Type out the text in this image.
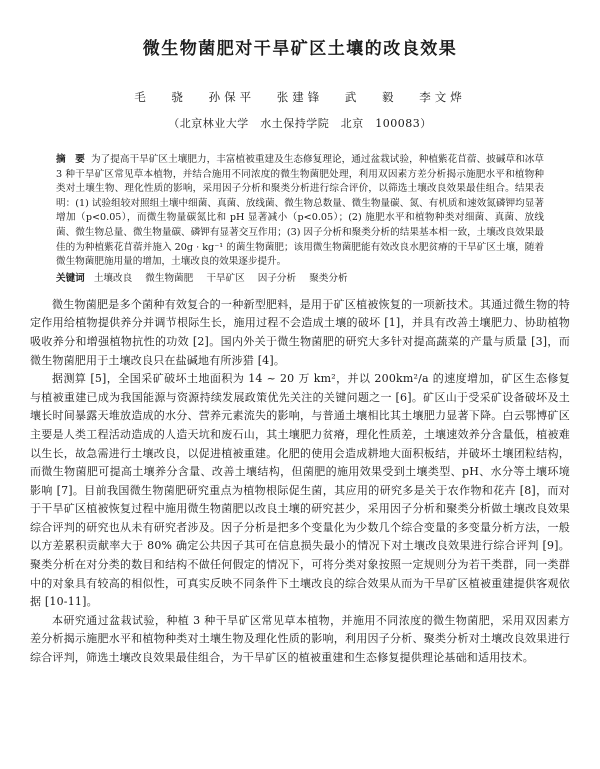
微生物菌肥对干旱矿区土壤的改良效果
毛 骁 孙保平 张建锋 武 毅 李文烨
（北京林业大学　水土保持学院　北京　100083）
摘　要 为了提高干旱矿区土壤肥力，丰富植被重建及生态修复理论，通过盆栽试验，种植紫花苜蓿、披碱草和冰草 3 种干旱矿区常见草本植物，并结合施用不同浓度的微生物菌肥处理，利用双因素方差分析揭示施肥水平和植物种类对土壤生物、理化性质的影响，采用因子分析和聚类分析进行综合评价，以筛选土壤改良效果最佳组合。结果表明：(1) 试验组较对照组土壤中细菌、真菌、放线菌、微生物总数量、微生物量碳、氮、有机质和速效氮磷钾均显著增加（p<0.05），而微生物量碳氮比和 pH 显著减小（p<0.05）；(2) 施肥水平和植物种类对细菌、真菌、放线菌、微生物总量、微生物量碳、磷钾有显著交互作用；(3) 因子分析和聚类分析的结果基本相一致，土壤改良效果最佳的为种植紫花苜蓿并施入 20g · kg⁻¹ 的菌生物菌肥；该用微生物菌肥能有效改良水肥贫瘠的干旱矿区土壤，随着微生物菌肥施用量的增加，土壤改良的效果逐步提升。
关键词 土壤改良 微生物菌肥 干旱矿区 因子分析 聚类分析

微生物菌肥是多个菌种有效复合的一种新型肥料，是用于矿区植被恢复的一项新技术。其通过微生物的特定作用给植物提供养分并调节根际生长，施用过程不会造成土壤的破坏 [1]，并具有改善土壤肥力、协助植物吸收养分和增强植物抗性的功效 [2]。国内外关于微生物菌肥的研究大多针对提高蔬菜的产量与质量 [3]，而微生物菌肥用于土壤改良只在盐碱地有所涉猎 [4]。

据测算 [5]，全国采矿破坏土地面积为 14 ~ 20 万 km²，并以 200km²/a 的速度增加，矿区生态修复与植被重建已成为我国能源与资源持续发展政策优先关注的关键问题之一 [6]。矿区山于受采矿设备破坏及土壤长时间暴露天堆放造成的水分、营养元素流失的影响，与普通土壤相比其土壤肥力显著下降。白云鄂博矿区主要是人类工程活动造成的人造天坑和废石山，其土壤肥力贫瘠，理化性质差，土壤速效养分含量低，植被难以生长，故急需进行土壤改良，以促进植被重建。化肥的使用会造成耕地大面积板结，并破坏土壤团粒结构，而微生物菌肥可提高土壤养分含量、改善土壤结构，但菌肥的施用效果受到土壤类型、pH、水分等土壤环境影响 [7]。目前我国微生物菌肥研究重点为植物根际促生菌，其应用的研究多是关于农作物和花卉 [8]，而对于干旱矿区植被恢复过程中施用微生物菌肥以改良土壤的研究甚少，采用因子分析和聚类分析做土壤改良效果综合评判的研究也从未有研究者涉及。因子分析是把多个变量化为少数几个综合变量的多变量分析方法，一般以方差累积贡献率大于 80% 确定公共因子其可在信息损失最小的情况下对土壤改良效果进行综合评判 [9]。聚类分析在对分类的数目和结构不做任何假定的情况下，可将分类对象按照一定规则分为若干类群，同一类群中的对象具有较高的相似性，可真实反映不同条件下土壤改良的综合效果从而为干旱矿区植被重建提供客观依据 [10-11]。

本研究通过盆栽试验，种植 3 种干旱矿区常见草本植物，并施用不同浓度的微生物菌肥，采用双因素方差分析揭示施肥水平和植物种类对土壤生物及理化性质的影响，利用因子分析、聚类分析对土壤改良效果进行综合评判，筛选土壤改良效果最佳组合，为干旱矿区的植被重建和生态修复提供理论基础和适用技术。
